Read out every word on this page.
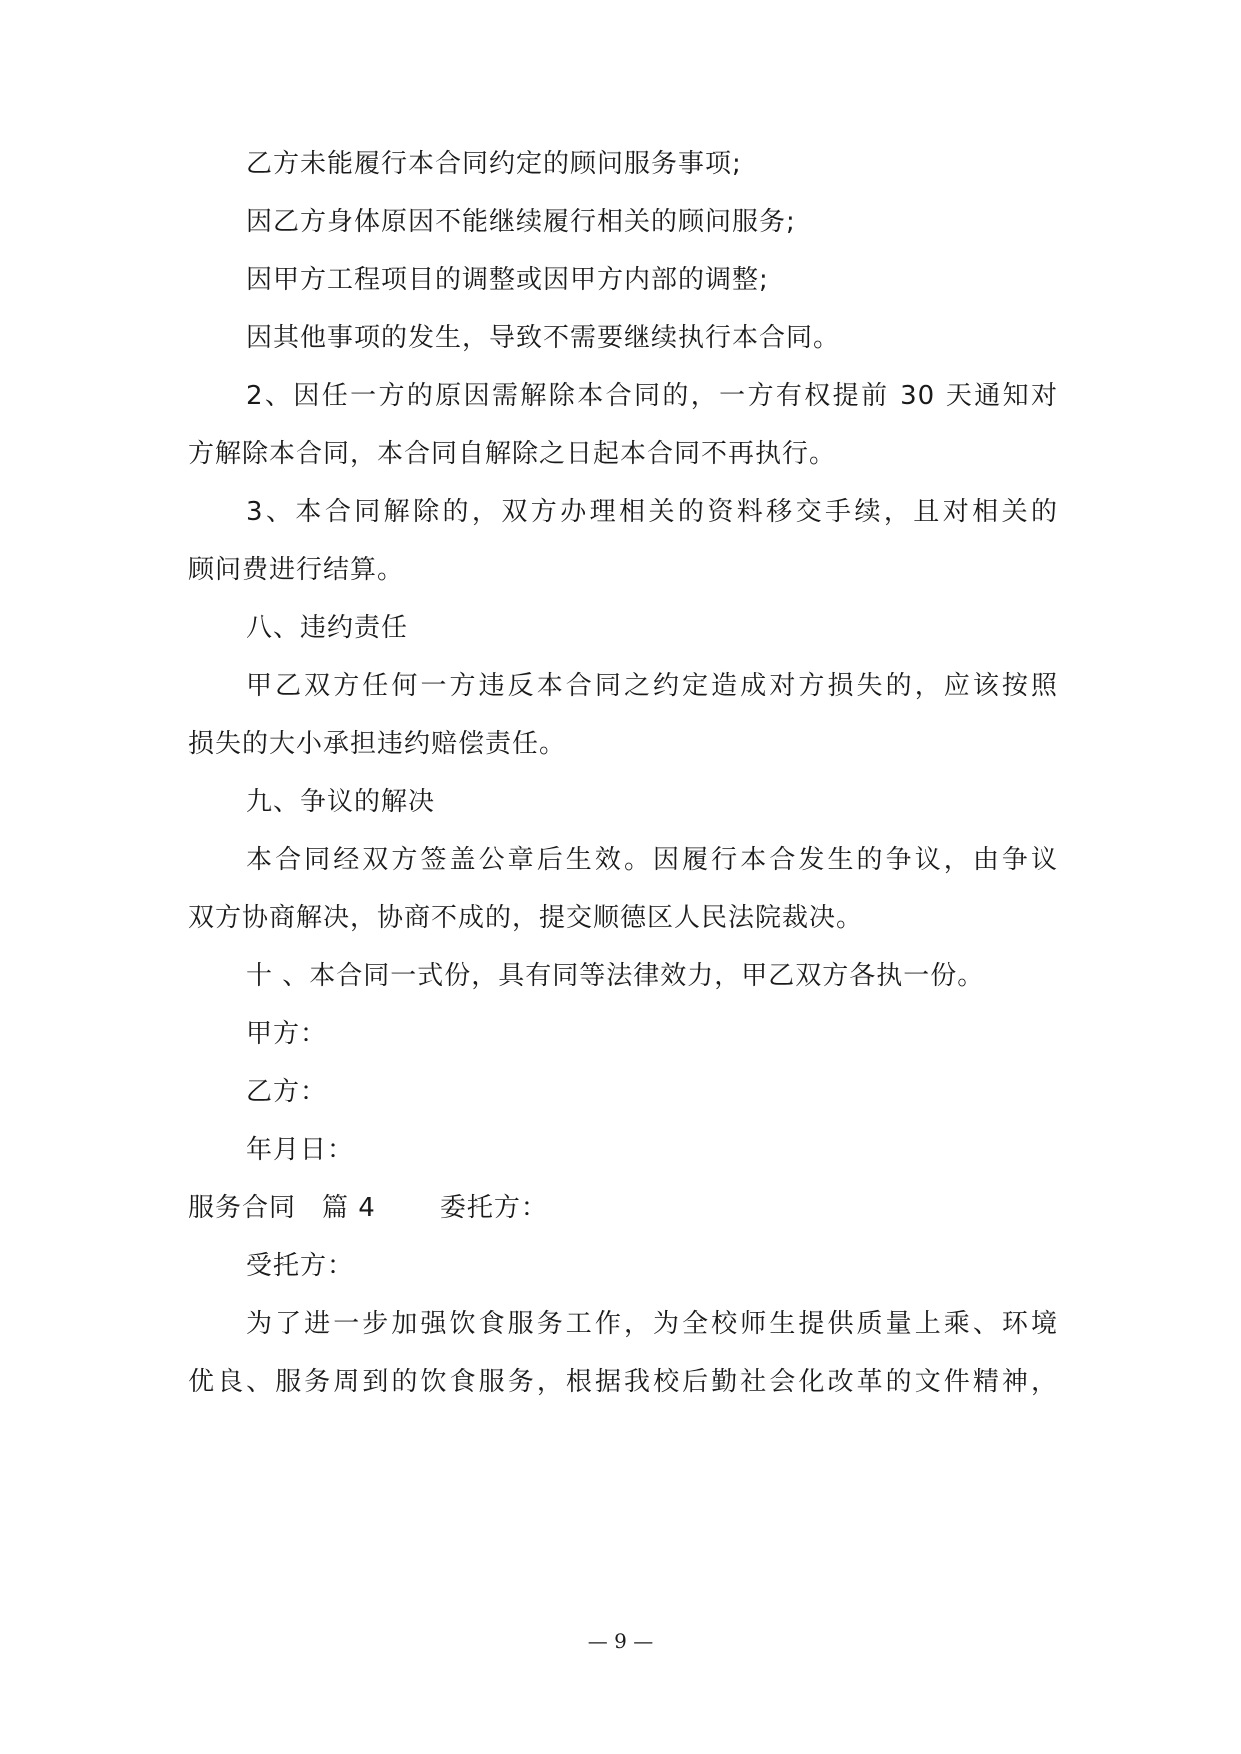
乙方未能履行本合同约定的顾问服务事项;
因乙方身体原因不能继续履行相关的顾问服务;
因甲方工程项目的调整或因甲方内部的调整;
因其他事项的发生，导致不需要继续执行本合同。
2、因任一方的原因需解除本合同的，一方有权提前 30 天通知对
方解除本合同，本合同自解除之日起本合同不再执行。
3、本合同解除的，双方办理相关的资料移交手续，且对相关的
顾问费进行结算。
八、违约责任
甲乙双方任何一方违反本合同之约定造成对方损失的，应该按照
损失的大小承担违约赔偿责任。
九、争议的解决
本合同经双方签盖公章后生效。因履行本合发生的争议，由争议
双方协商解决，协商不成的，提交顺德区人民法院裁决。
十 、本合同一式份，具有同等法律效力，甲乙双方各执一份。
甲方：
乙方：
年月日：
服务合同 篇 4 委托方：
受托方：
为了进一步加强饮食服务工作，为全校师生提供质量上乘、环境
优良、服务周到的饮食服务，根据我校后勤社会化改革的文件精神，
— 9 —
